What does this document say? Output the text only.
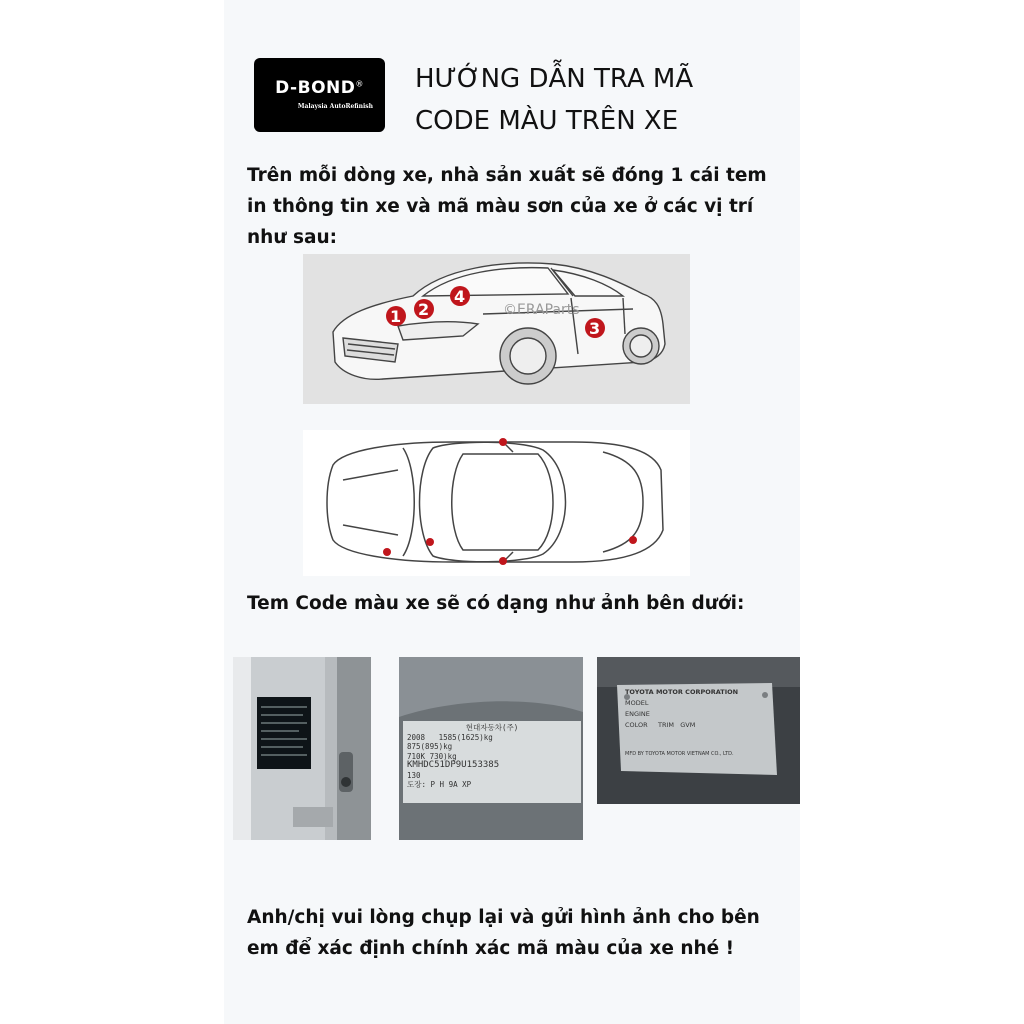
D-BOND®
Malaysia AutoRefinish
HƯỚNG DẪN TRA MÃ
CODE MÀU TRÊN XE
Trên mỗi dòng xe, nhà sản xuất sẽ đóng 1 cái tem in thông tin xe và mã màu sơn của xe ở các vị trí như sau:
©ERAParts
1 2
3
4
Tem Code màu xe sẽ có dạng như ảnh bên dưới:
현대자동차(주)
2008 1585(1625)kg
875(895)kg
710K 730)kg
KMHDC51DP9U153385
130
도장: P H 9A XP
TOYOTA MOTOR CORPORATION
MODEL
ENGINE
COLOR TRIM GVM
MFD BY TOYOTA MOTOR VIETNAM CO., LTD.
Anh/chị vui lòng chụp lại và gửi hình ảnh cho bên em để xác định chính xác mã màu của xe nhé !
